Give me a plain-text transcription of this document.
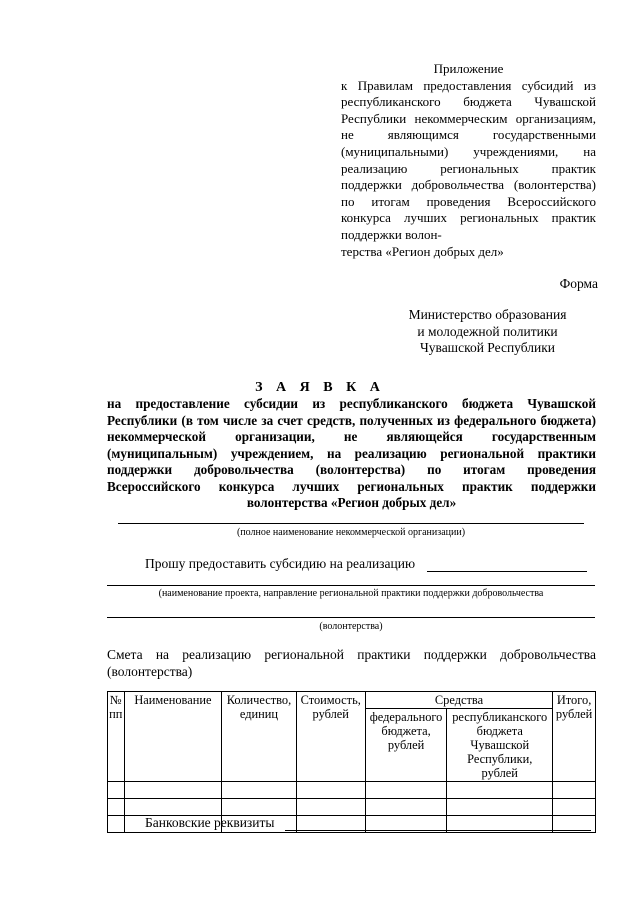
Приложение
к Правилам предоставления субсидий из республиканского бюджета Чувашской Республики некоммерческим организациям, не являющимся государственными (муниципальными) учреждениями, на реализацию региональных практик поддержки добровольчества (волонтерства) по итогам проведения Всероссийского конкурса лучших региональных практик поддержки волон-
терства «Регион добрых дел»
Форма
Министерство образования
и молодежной политики
Чувашской Республики
З А Я В К А
на предоставление субсидии из республиканского бюджета Чувашской Республики (в том числе за счет средств, полученных из федерального бюджета) некоммерческой организации, не являющейся государственным (муниципальным) учреждением, на реализацию региональной практики поддержки добровольчества (волонтерства) по итогам проведения Всероссийского конкурса лучших региональных практик поддержки волонтерства «Регион добрых дел»
(полное наименование некоммерческой организации)
Прошу предоставить субсидию на реализацию
(наименование проекта, направление региональной практики поддержки добровольчества
(волонтерства)
Смета на реализацию региональной практики поддержки добровольчества (волонтерства)
№ пп	Наименование	Количество, единиц	Стоимость, рублей	Средства		Итого, рублей
				федерального бюджета, рублей	республиканского бюджета Чувашской Республики, рублей	

Банковские реквизиты
